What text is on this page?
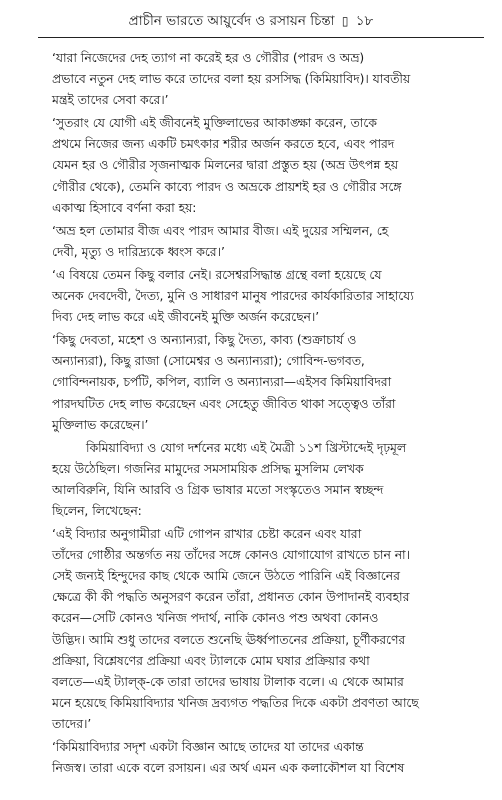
প্রাচীন ভারতে আয়ুর্বেদ ও রসায়ন চিন্তা ▯ ১৮

‘যারা নিজেদের দেহ ত্যাগ না করেই হর ও গৌরীর (পারদ ও অভ্র)
প্রভাবে নতুন দেহ লাভ করে তাদের বলা হয় রসসিদ্ধ (কিমিয়াবিদ)। যাবতীয়
মন্ত্রই তাদের সেবা করে।’

‘সুতরাং যে যোগী এই জীবনেই মুক্তিলাভের আকাঙ্ক্ষা করেন, তাকে
প্রথমে নিজের জন্য একটি চমৎকার শরীর অর্জন করতে হবে, এবং পারদ
যেমন হর ও গৌরীর সৃজনাত্মক মিলনের দ্বারা প্রস্তুত হয় (অভ্র উৎপন্ন হয়
গৌরীর থেকে), তেমনি কাব্যে পারদ ও অভ্রকে প্রায়শই হর ও গৌরীর সঙ্গে
একাত্ম হিসাবে বর্ণনা করা হয়:

‘অভ্র হল তোমার বীজ এবং পারদ আমার বীজ। এই দুয়ের সম্মিলন, হে
দেবী, মৃত্যু ও দারিদ্র্যকে ধ্বংস করে।’

‘এ বিষয়ে তেমন কিছু বলার নেই। রসেশ্বরসিদ্ধান্ত গ্রন্থে বলা হয়েছে যে
অনেক দেবদেবী, দৈত্য, মুনি ও সাধারণ মানুষ পারদের কার্যকারিতার সাহায্যে
দিব্য দেহ লাভ করে এই জীবনেই মুক্তি অর্জন করেছেন।’

‘কিছু দেবতা, মহেশ ও অন্যান্যরা, কিছু দৈত্য, কাব্য (শুক্রাচার্য ও
অন্যান্যরা), কিছু রাজা (সোমেশ্বর ও অন্যান্যরা); গোবিন্দ-ভগবত,
গোবিন্দনায়ক, চর্পটি, কপিল, ব্যালি ও অন্যান্যরা—এইসব কিমিয়াবিদরা
পারদঘটিত দেহ লাভ করেছেন এবং সেহেতু জীবিত থাকা সত্ত্বেও তাঁরা
মুক্তিলাভ করেছেন।’

কিমিয়াবিদ্যা ও যোগ দর্শনের মধ্যে এই মৈত্রী ১১শ খ্রিস্টাব্দেই দৃঢ়মূল
হয়ে উঠেছিল। গজনির মামুদের সমসাময়িক প্রসিদ্ধ মুসলিম লেখক
আলবিরুনি, যিনি আরবি ও গ্রিক ভাষার মতো সংস্কৃতেও সমান স্বচ্ছন্দ
ছিলেন, লিখেছেন:

‘এই বিদ্যার অনুগামীরা এটি গোপন রাখার চেষ্টা করেন এবং যারা
তাঁদের গোষ্ঠীর অন্তর্গত নয় তাঁদের সঙ্গে কোনও যোগাযোগ রাখতে চান না।
সেই জন্যই হিন্দুদের কাছ থেকে আমি জেনে উঠতে পারিনি এই বিজ্ঞানের
ক্ষেত্রে কী কী পদ্ধতি অনুসরণ করেন তাঁরা, প্রধানত কোন উপাদানই ব্যবহার
করেন—সেটি কোনও খনিজ পদার্থ, নাকি কোনও পশু অথবা কোনও
উদ্ভিদ। আমি শুধু তাদের বলতে শুনেছি ঊর্ধ্বপাতনের প্রক্রিয়া, চূর্ণীকরণের
প্রক্রিয়া, বিশ্লেষণের প্রক্রিয়া এবং ট্যালকে মোম ঘষার প্রক্রিয়ার কথা
বলতে—এই ট্যাল্ক্‌-কে তারা তাদের ভাষায় টালাক বলে। এ থেকে আমার
মনে হয়েছে কিমিয়াবিদ্যার খনিজ দ্রব্যগত পদ্ধতির দিকে একটা প্রবণতা আছে
তাদের।’

‘কিমিয়াবিদ্যার সদৃশ একটা বিজ্ঞান আছে তাদের যা তাদের একান্ত
নিজস্ব। তারা একে বলে রসায়ন। এর অর্থ এমন এক কলাকৌশল যা বিশেষ
